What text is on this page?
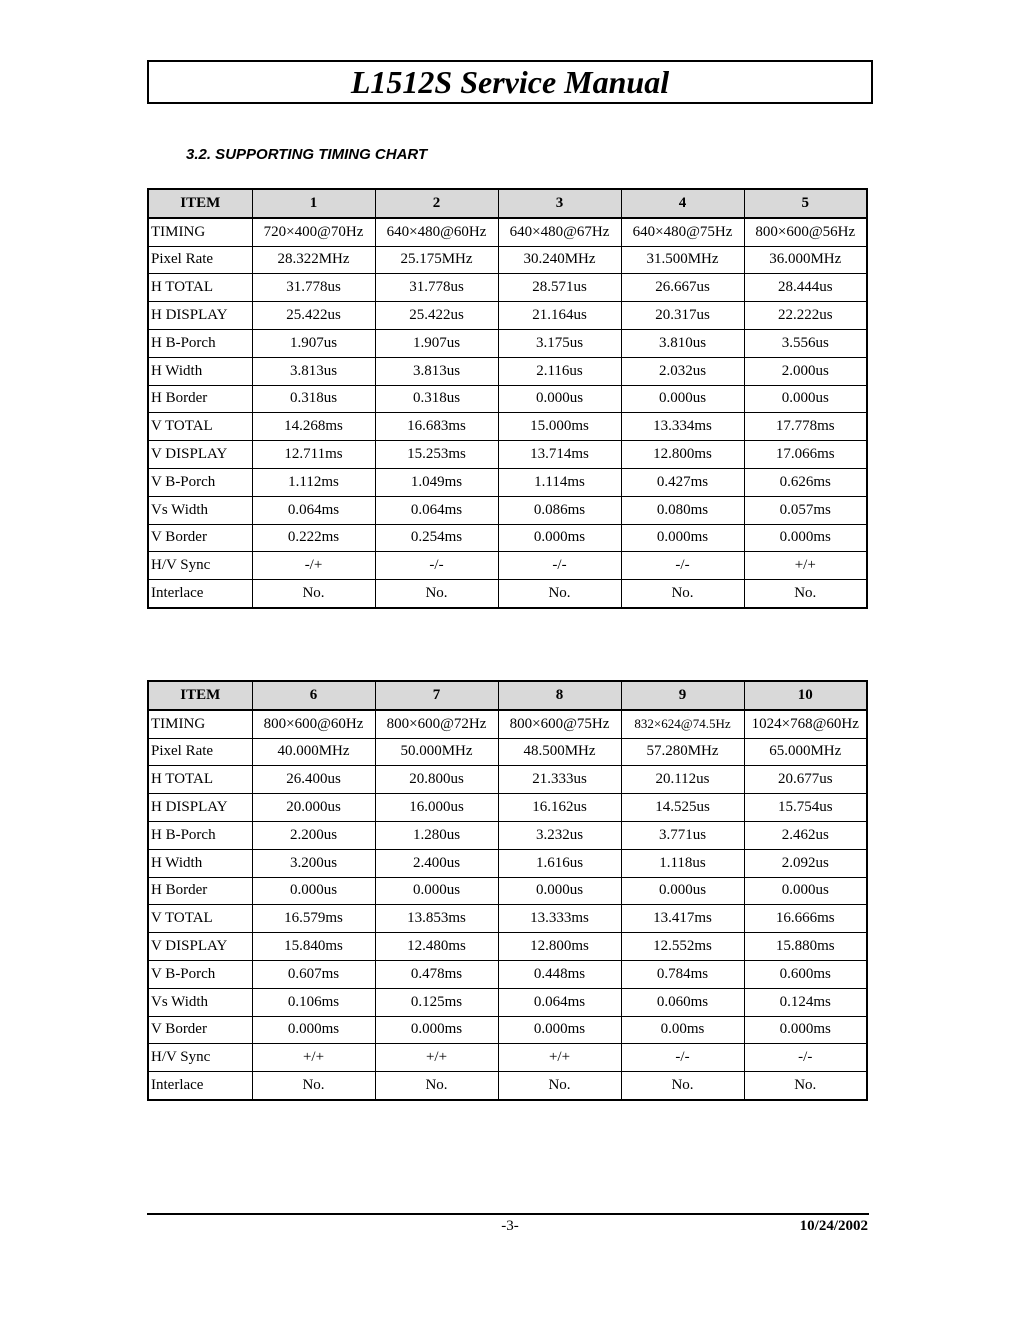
L1512S Service Manual
3.2. SUPPORTING TIMING CHART
ITEM	1	2	3	4	5
TIMING	720×400@70Hz	640×480@60Hz	640×480@67Hz	640×480@75Hz	800×600@56Hz
Pixel Rate	28.322MHz	25.175MHz	30.240MHz	31.500MHz	36.000MHz
H TOTAL	31.778us	31.778us	28.571us	26.667us	28.444us
H DISPLAY	25.422us	25.422us	21.164us	20.317us	22.222us
H B-Porch	1.907us	1.907us	3.175us	3.810us	3.556us
H Width	3.813us	3.813us	2.116us	2.032us	2.000us
H Border	0.318us	0.318us	0.000us	0.000us	0.000us
V TOTAL	14.268ms	16.683ms	15.000ms	13.334ms	17.778ms
V DISPLAY	12.711ms	15.253ms	13.714ms	12.800ms	17.066ms
V B-Porch	1.112ms	1.049ms	1.114ms	0.427ms	0.626ms
Vs Width	0.064ms	0.064ms	0.086ms	0.080ms	0.057ms
V Border	0.222ms	0.254ms	0.000ms	0.000ms	0.000ms
H/V Sync	-/+	-/-	-/-	-/-	+/+
Interlace	No.	No.	No.	No.	No.
ITEM	6	7	8	9	10
TIMING	800×600@60Hz	800×600@72Hz	800×600@75Hz	832×624@74.5Hz	1024×768@60Hz
Pixel Rate	40.000MHz	50.000MHz	48.500MHz	57.280MHz	65.000MHz
H TOTAL	26.400us	20.800us	21.333us	20.112us	20.677us
H DISPLAY	20.000us	16.000us	16.162us	14.525us	15.754us
H B-Porch	2.200us	1.280us	3.232us	3.771us	2.462us
H Width	3.200us	2.400us	1.616us	1.118us	2.092us
H Border	0.000us	0.000us	0.000us	0.000us	0.000us
V TOTAL	16.579ms	13.853ms	13.333ms	13.417ms	16.666ms
V DISPLAY	15.840ms	12.480ms	12.800ms	12.552ms	15.880ms
V B-Porch	0.607ms	0.478ms	0.448ms	0.784ms	0.600ms
Vs Width	0.106ms	0.125ms	0.064ms	0.060ms	0.124ms
V Border	0.000ms	0.000ms	0.000ms	0.00ms	0.000ms
H/V Sync	+/+	+/+	+/+	-/-	-/-
Interlace	No.	No.	No.	No.	No.
-3-	10/24/2002
